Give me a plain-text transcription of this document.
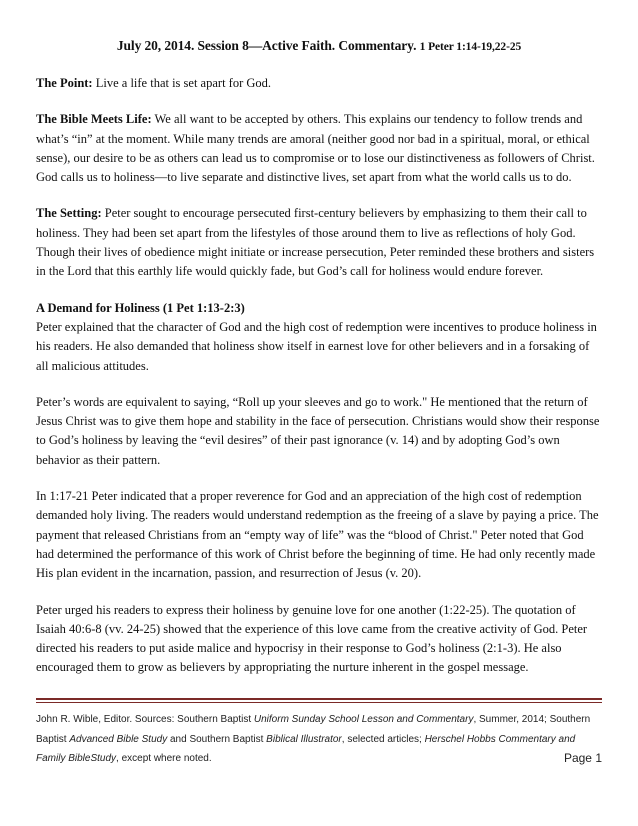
July 20, 2014. Session 8—Active Faith. Commentary. 1 Peter 1:14-19,22-25

The Point: Live a life that is set apart for God.

The Bible Meets Life: We all want to be accepted by others. This explains our tendency to follow trends and what’s “in” at the moment. While many trends are amoral (neither good nor bad in a spiritual, moral, or ethical sense), our desire to be as others can lead us to compromise or to lose our distinctiveness as followers of Christ. God calls us to holiness—to live separate and distinctive lives, set apart from what the world calls us to do.

The Setting: Peter sought to encourage persecuted first-century believers by emphasizing to them their call to holiness. They had been set apart from the lifestyles of those around them to live as reflections of holy God. Though their lives of obedience might initiate or increase persecution, Peter reminded these brothers and sisters in the Lord that this earthly life would quickly fade, but God’s call for holiness would endure forever.

A Demand for Holiness (1 Pet 1:13-2:3)

Peter explained that the character of God and the high cost of redemption were incentives to produce holiness in his readers. He also demanded that holiness show itself in earnest love for other believers and in a forsaking of all malicious attitudes.

Peter’s words are equivalent to saying, “Roll up your sleeves and go to work." He mentioned that the return of Jesus Christ was to give them hope and stability in the face of persecution. Christians would show their response to God’s holiness by leaving the “evil desires” of their past ignorance (v. 14) and by adopting God’s own behavior as their pattern.

In 1:17-21 Peter indicated that a proper reverence for God and an appreciation of the high cost of redemption demanded holy living. The readers would understand redemption as the freeing of a slave by paying a price. The payment that released Christians from an “empty way of life” was the “blood of Christ." Peter noted that God had determined the performance of this work of Christ before the beginning of time. He had only recently made His plan evident in the incarnation, passion, and resurrection of Jesus (v. 20).

Peter urged his readers to express their holiness by genuine love for one another (1:22-25). The quotation of Isaiah 40:6-8 (vv. 24-25) showed that the experience of this love came from the creative activity of God. Peter directed his readers to put aside malice and hypocrisy in their response to God’s holiness (2:1-3). He also encouraged them to grow as believers by appropriating the nurture inherent in the gospel message.

John R. Wible, Editor. Sources: Southern Baptist Uniform Sunday School Lesson and Commentary, Summer, 2014; Southern Baptist Advanced Bible Study and Southern Baptist Biblical Illustrator, selected articles; Herschel Hobbs Commentary and Family BibleStudy, except where noted.	Page 1
